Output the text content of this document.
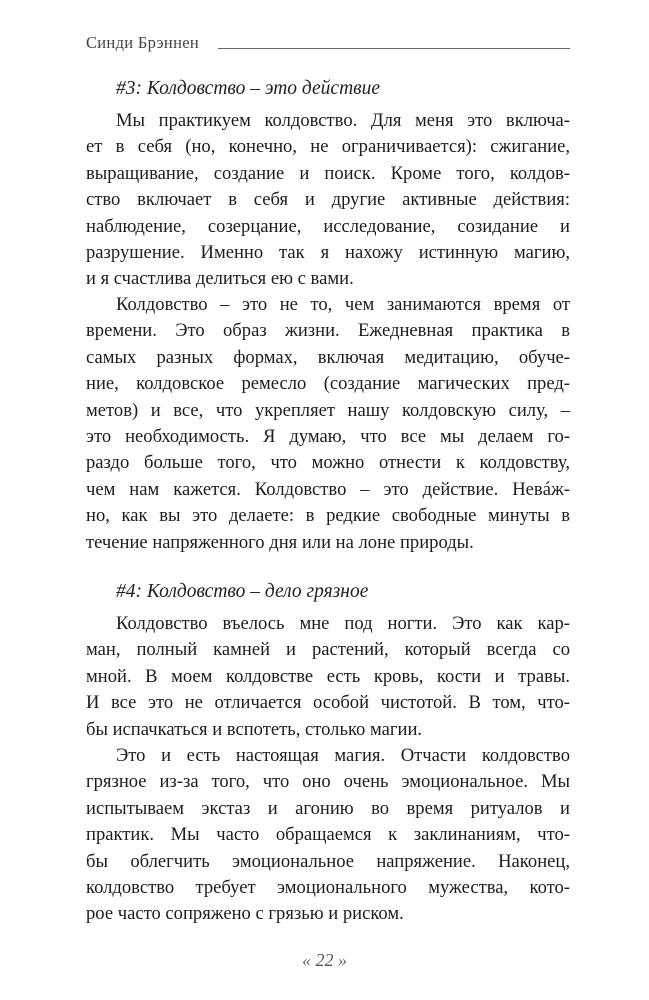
Синди Брэннен
#3: Колдовство – это действие
Мы практикуем колдовство. Для меня это включа-
ет в себя (но, конечно, не ограничивается): сжигание,
выращивание, создание и поиск. Кроме того, колдов-
ство включает в себя и другие активные действия:
наблюдение, созерцание, исследование, созидание и
разрушение. Именно так я нахожу истинную магию,
и я счастлива делиться ею с вами.
Колдовство – это не то, чем занимаются время от
времени. Это образ жизни. Ежедневная практика в
самых разных формах, включая медитацию, обуче-
ние, колдовское ремесло (создание магических пред-
метов) и все, что укрепляет нашу колдовскую силу, –
это необходимость. Я думаю, что все мы делаем го-
раздо больше того, что можно отнести к колдовству,
чем нам кажется. Колдовство – это действие. Невáж-
но, как вы это делаете: в редкие свободные минуты в
течение напряженного дня или на лоне природы.
#4: Колдовство – дело грязное
Колдовство въелось мне под ногти. Это как кар-
ман, полный камней и растений, который всегда со
мной. В моем колдовстве есть кровь, кости и травы.
И все это не отличается особой чистотой. В том, что-
бы испачкаться и вспотеть, столько магии.
Это и есть настоящая магия. Отчасти колдовство
грязное из-за того, что оно очень эмоциональное. Мы
испытываем экстаз и агонию во время ритуалов и
практик. Мы часто обращаемся к заклинаниям, что-
бы облегчить эмоциональное напряжение. Наконец,
колдовство требует эмоционального мужества, кото-
рое часто сопряжено с грязью и риском.
« 22 »
